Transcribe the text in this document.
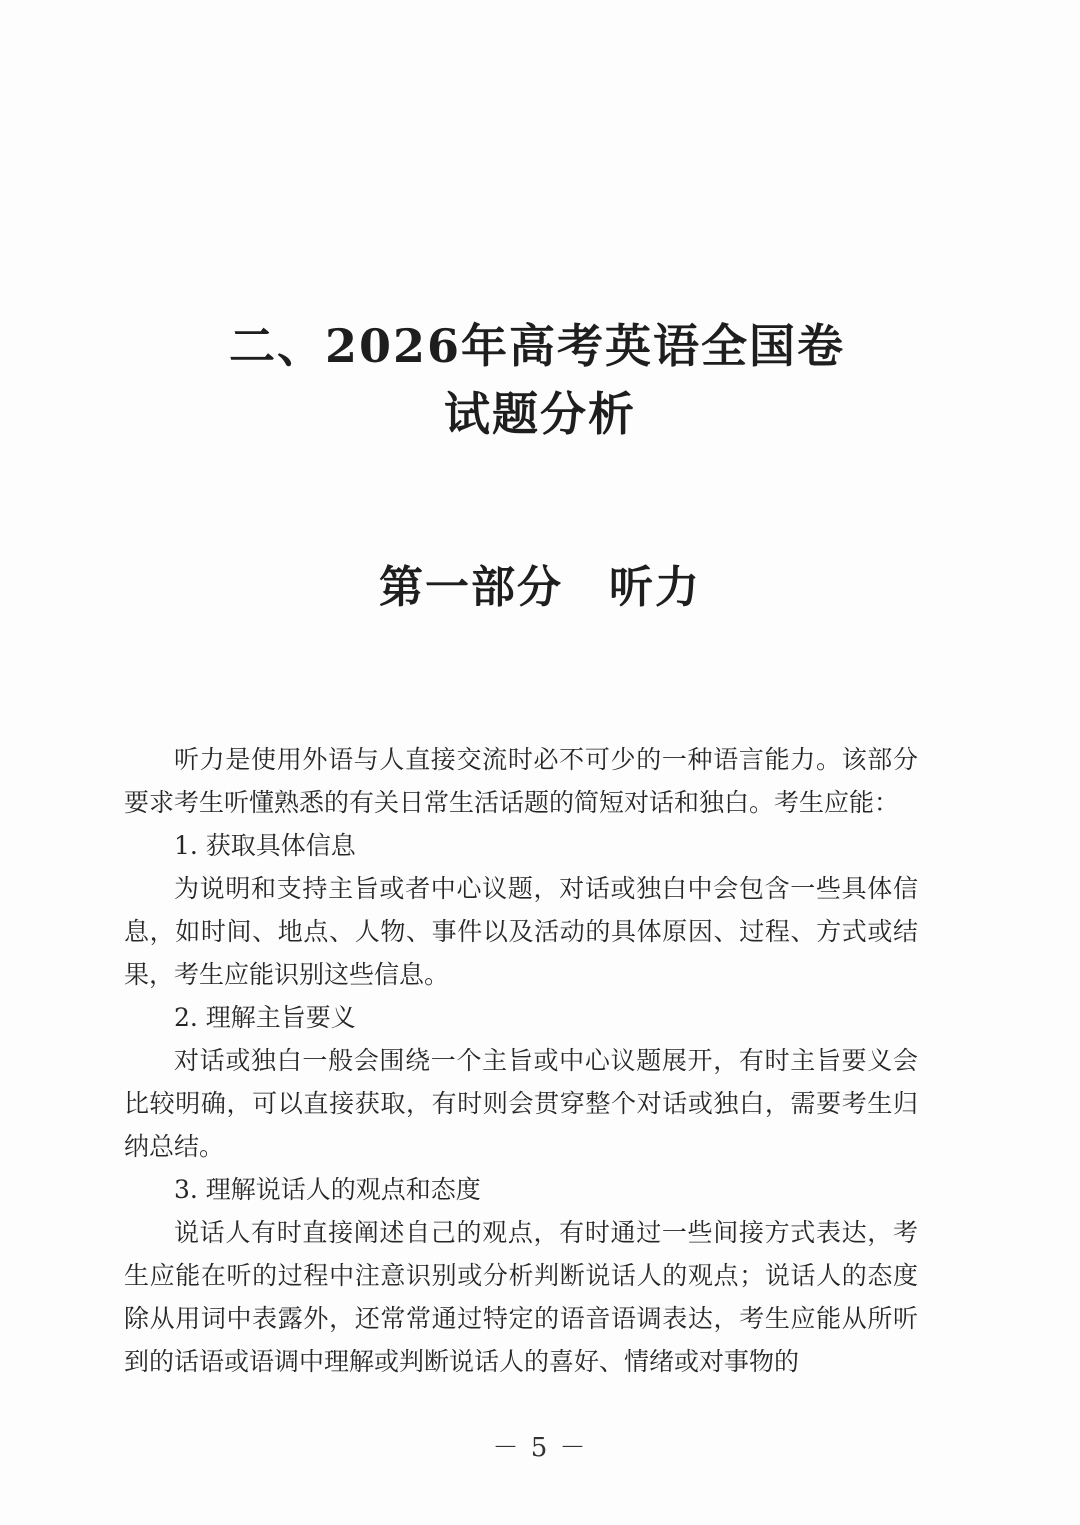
二、2026年高考英语全国卷
试题分析
第一部分　听力

听力是使用外语与人直接交流时必不可少的一种语言能力。该部分要求考生听懂熟悉的有关日常生活话题的简短对话和独白。考生应能：

1. 获取具体信息

为说明和支持主旨或者中心议题，对话或独白中会包含一些具体信息，如时间、地点、人物、事件以及活动的具体原因、过程、方式或结果，考生应能识别这些信息。

2. 理解主旨要义

对话或独白一般会围绕一个主旨或中心议题展开，有时主旨要义会比较明确，可以直接获取，有时则会贯穿整个对话或独白，需要考生归纳总结。

3. 理解说话人的观点和态度

说话人有时直接阐述自己的观点，有时通过一些间接方式表达，考生应能在听的过程中注意识别或分析判断说话人的观点；说话人的态度除从用词中表露外，还常常通过特定的语音语调表达，考生应能从所听到的话语或语调中理解或判断说话人的喜好、情绪或对事物的

－ 5 －
